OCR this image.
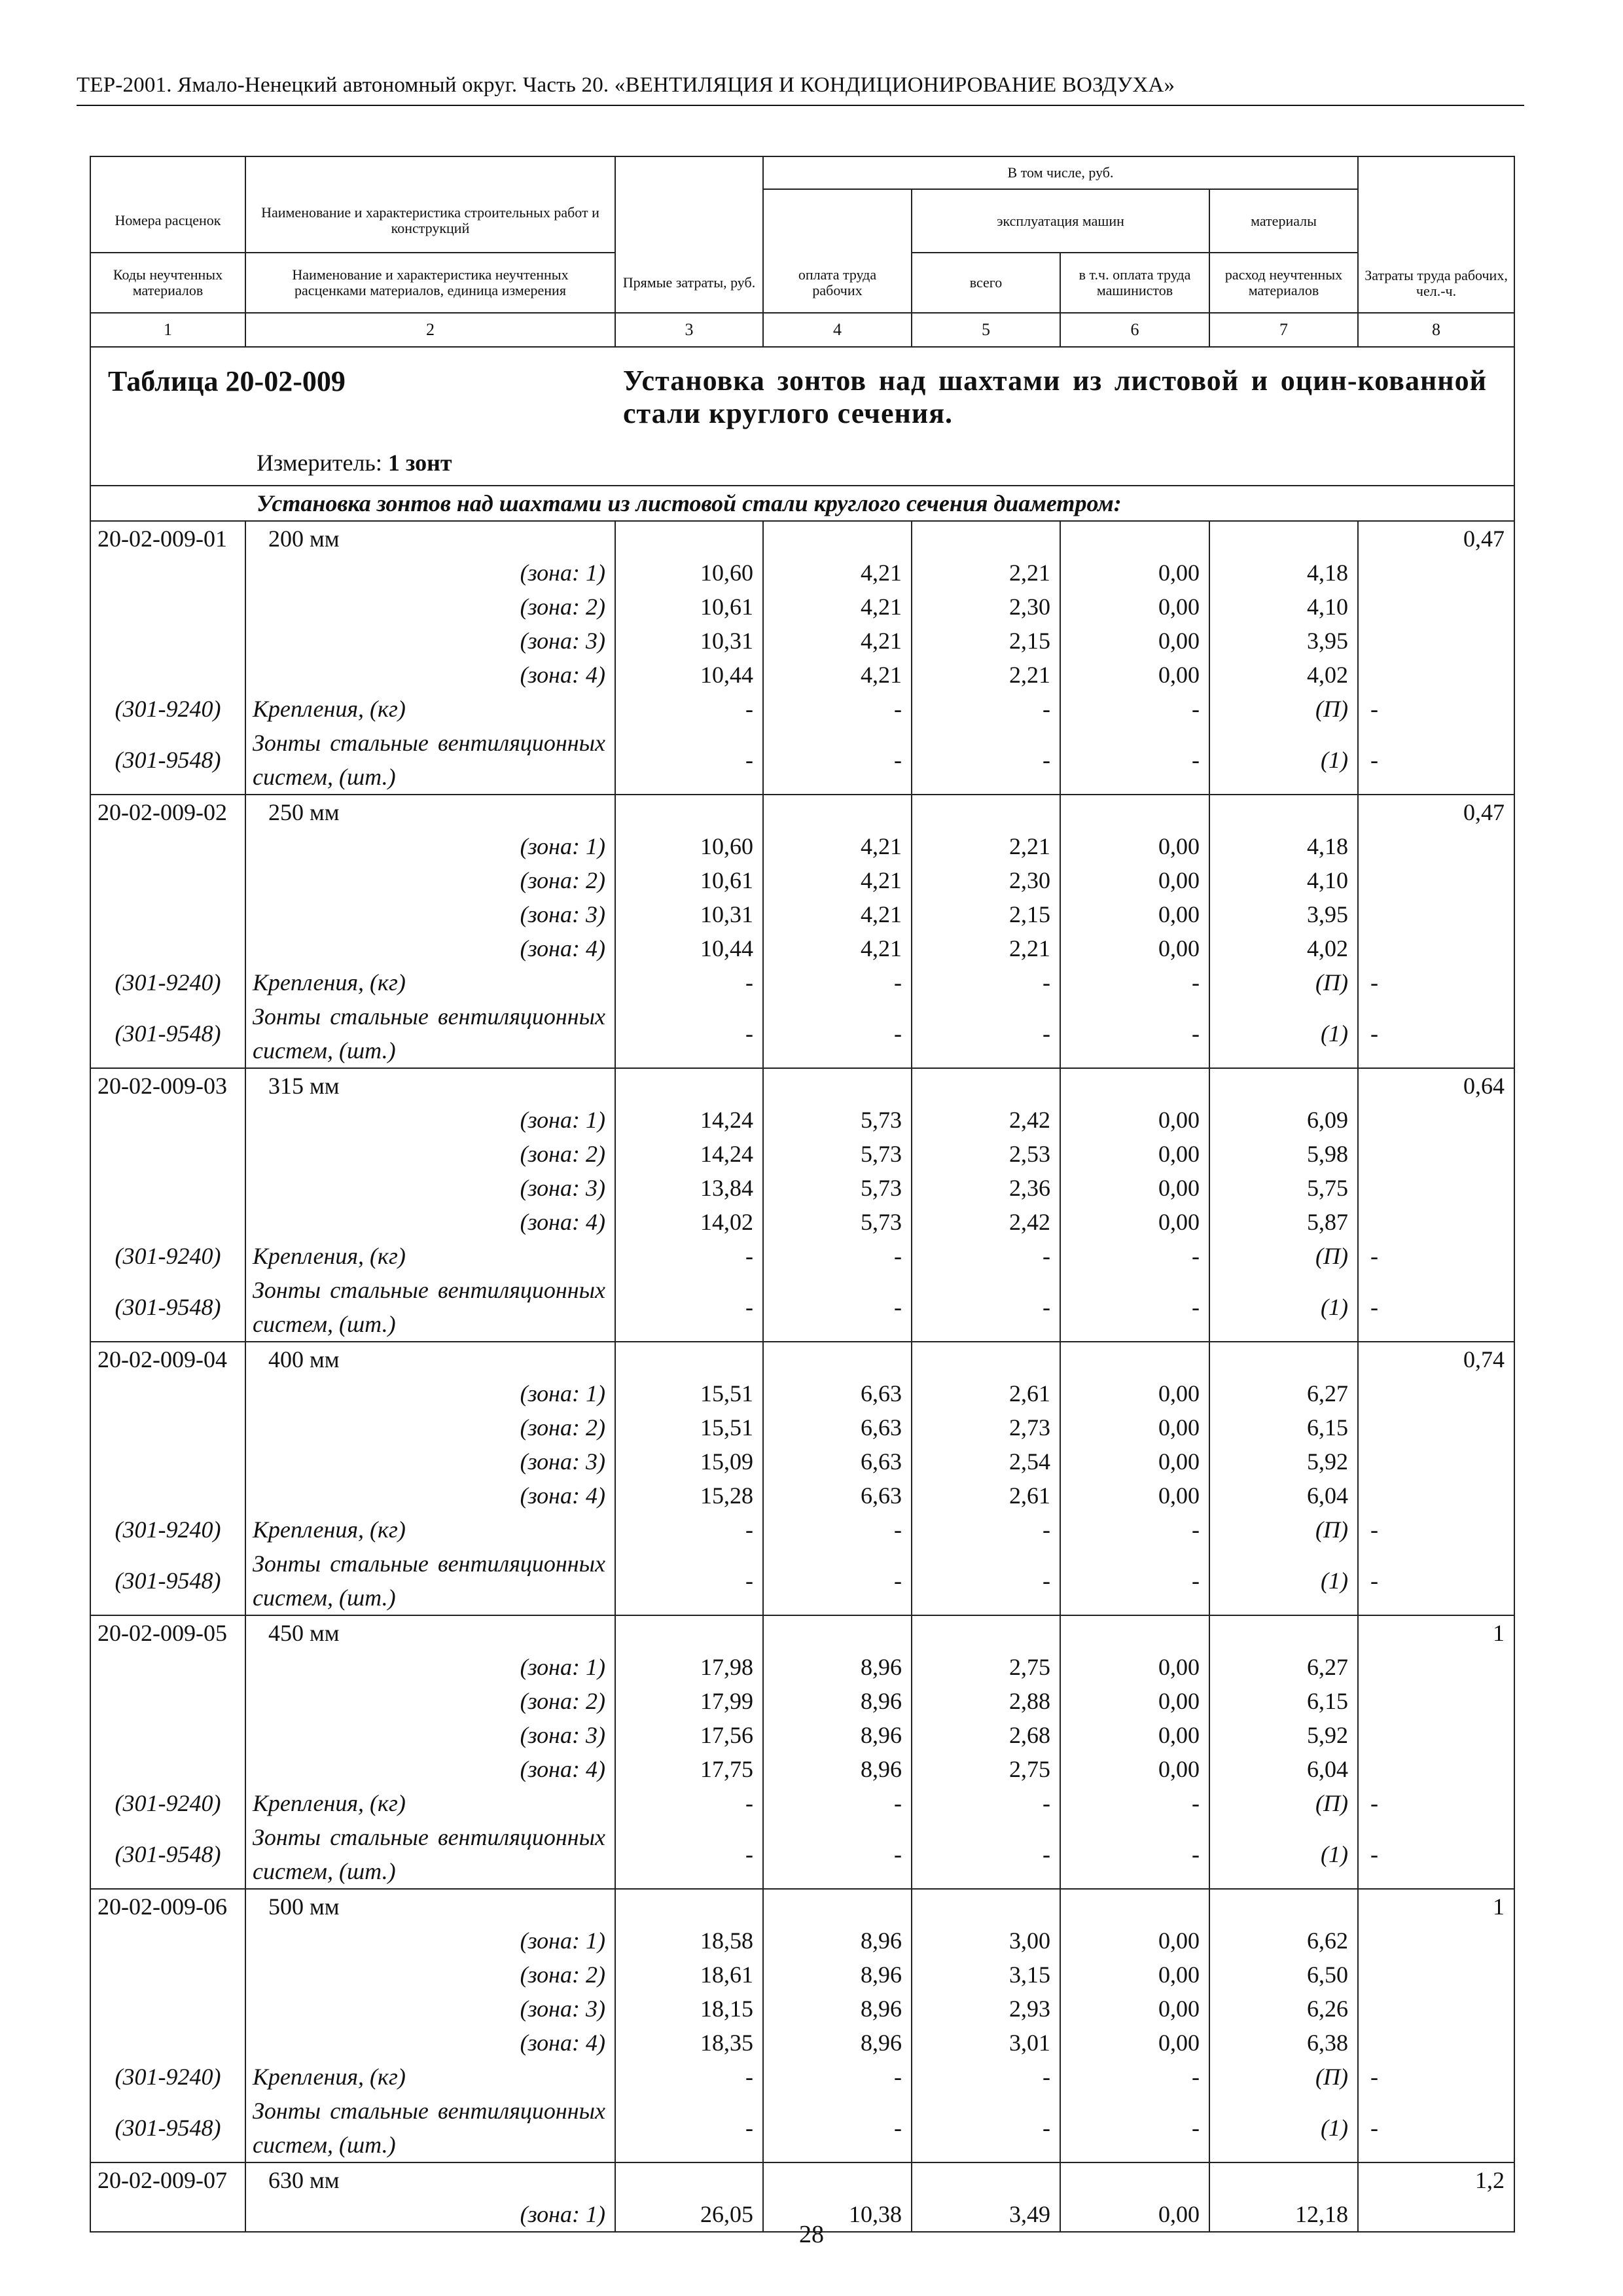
ТЕР-2001. Ямало-Ненецкий автономный округ. Часть 20. «ВЕНТИЛЯЦИЯ И КОНДИЦИОНИРОВАНИЕ ВОЗДУХА»
			В том числе, руб.				Затраты труда рабочих, чел.-ч.
Номера расценок	Наименование и характеристика строительных работ и конструкций			эксплуатация машин		материалы	

Коды неучтенных материалов	Наименование и характеристика неучтенных расценками материалов, единица измерения	Прямые затраты, руб.	оплата труда рабочих	всего	в т.ч. оплата труда машинистов	расход неучтенных материалов	
1	2	3	4	5	6	7	8

Таблица 20-02-009 Установка зонтов над шахтами из листовой и оцин-кованной стали круглого сечения.
Измеритель: 1 зонт							

Установка зонтов над шахтами из листовой стали круглого сечения диаметром:							

20-02-009-01	200 мм						0,47
	(зона: 1)	10,60	4,21	2,21	0,00	4,18	
	(зона: 2)	10,61	4,21	2,30	0,00	4,10	
	(зона: 3)	10,31	4,21	2,15	0,00	3,95	
	(зона: 4)	10,44	4,21	2,21	0,00	4,02	
(301-9240)	Крепления, (кг)	-	-	-	-	(П)	-
(301-9548)	Зонты стальные вентиляционных систем, (шт.)	-	-	-	-	(1)	-
20-02-009-02	250 мм						0,47
	(зона: 1)	10,60	4,21	2,21	0,00	4,18	
	(зона: 2)	10,61	4,21	2,30	0,00	4,10	
	(зона: 3)	10,31	4,21	2,15	0,00	3,95	
	(зона: 4)	10,44	4,21	2,21	0,00	4,02	
(301-9240)	Крепления, (кг)	-	-	-	-	(П)	-
(301-9548)	Зонты стальные вентиляционных систем, (шт.)	-	-	-	-	(1)	-
20-02-009-03	315 мм						0,64
	(зона: 1)	14,24	5,73	2,42	0,00	6,09	
	(зона: 2)	14,24	5,73	2,53	0,00	5,98	
	(зона: 3)	13,84	5,73	2,36	0,00	5,75	
	(зона: 4)	14,02	5,73	2,42	0,00	5,87	
(301-9240)	Крепления, (кг)	-	-	-	-	(П)	-
(301-9548)	Зонты стальные вентиляционных систем, (шт.)	-	-	-	-	(1)	-
20-02-009-04	400 мм						0,74
	(зона: 1)	15,51	6,63	2,61	0,00	6,27	
	(зона: 2)	15,51	6,63	2,73	0,00	6,15	
	(зона: 3)	15,09	6,63	2,54	0,00	5,92	
	(зона: 4)	15,28	6,63	2,61	0,00	6,04	
(301-9240)	Крепления, (кг)	-	-	-	-	(П)	-
(301-9548)	Зонты стальные вентиляционных систем, (шт.)	-	-	-	-	(1)	-
20-02-009-05	450 мм						1
	(зона: 1)	17,98	8,96	2,75	0,00	6,27	
	(зона: 2)	17,99	8,96	2,88	0,00	6,15	
	(зона: 3)	17,56	8,96	2,68	0,00	5,92	
	(зона: 4)	17,75	8,96	2,75	0,00	6,04	
(301-9240)	Крепления, (кг)	-	-	-	-	(П)	-
(301-9548)	Зонты стальные вентиляционных систем, (шт.)	-	-	-	-	(1)	-
20-02-009-06	500 мм						1
	(зона: 1)	18,58	8,96	3,00	0,00	6,62	
	(зона: 2)	18,61	8,96	3,15	0,00	6,50	
	(зона: 3)	18,15	8,96	2,93	0,00	6,26	
	(зона: 4)	18,35	8,96	3,01	0,00	6,38	
(301-9240)	Крепления, (кг)	-	-	-	-	(П)	-
(301-9548)	Зонты стальные вентиляционных систем, (шт.)	-	-	-	-	(1)	-
20-02-009-07	630 мм						1,2
	(зона: 1)	26,05	10,38	3,49	0,00	12,18	
28
